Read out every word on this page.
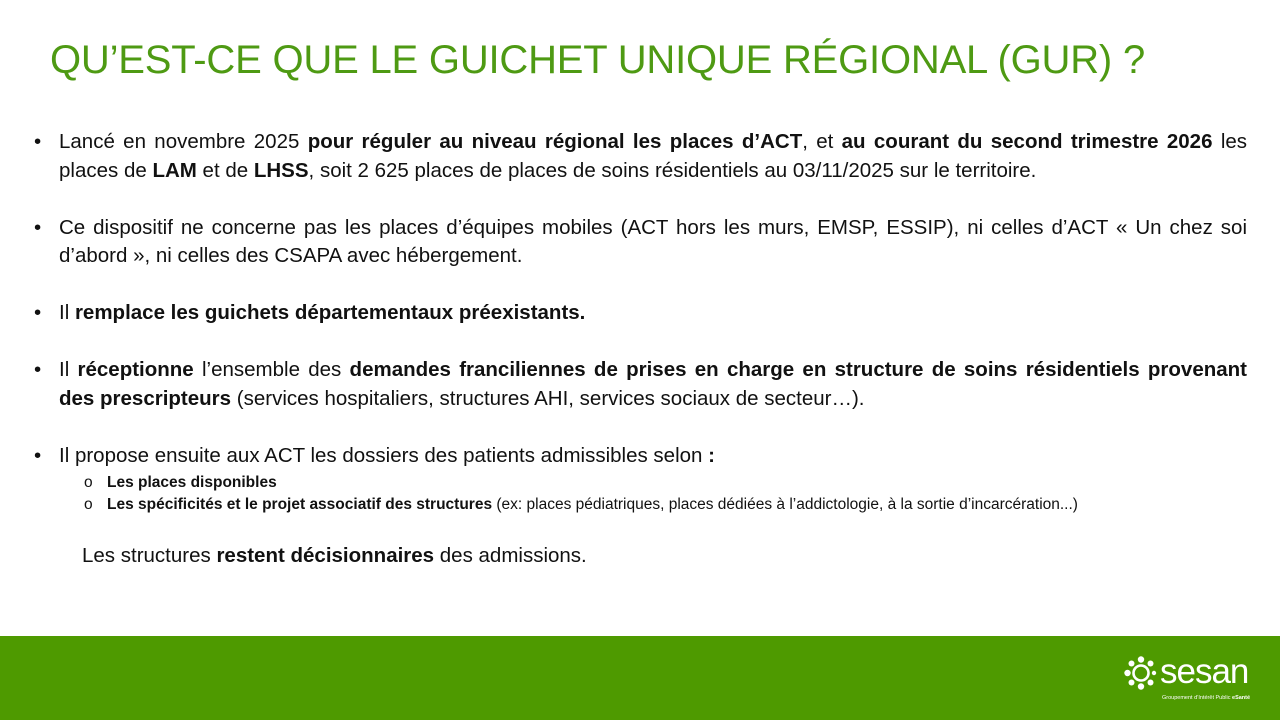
QU’EST-CE QUE LE GUICHET UNIQUE RÉGIONAL (GUR) ?
• Lancé en novembre 2025 pour réguler au niveau régional les places d’ACT, et au courant du second trimestre 2026 les places de LAM et de LHSS, soit 2 625 places de places de soins résidentiels au 03/11/2025 sur le territoire.
• Ce dispositif ne concerne pas les places d’équipes mobiles (ACT hors les murs, EMSP, ESSIP), ni celles d’ACT « Un chez soi d’abord », ni celles des CSAPA avec hébergement.
• Il remplace les guichets départementaux préexistants.
• Il réceptionne l’ensemble des demandes franciliennes de prises en charge en structure de soins résidentiels provenant des prescripteurs (services hospitaliers, structures AHI, services sociaux de secteur…).
• Il propose ensuite aux ACT les dossiers des patients admissibles selon :
o Les places disponibles
o Les spécificités et le projet associatif des structures (ex: places pédiatriques, places dédiées à l’addictologie, à la sortie d’incarcération...)
Les structures restent décisionnaires des admissions.
sesan
Groupement d’Intérêt Public eSanté
